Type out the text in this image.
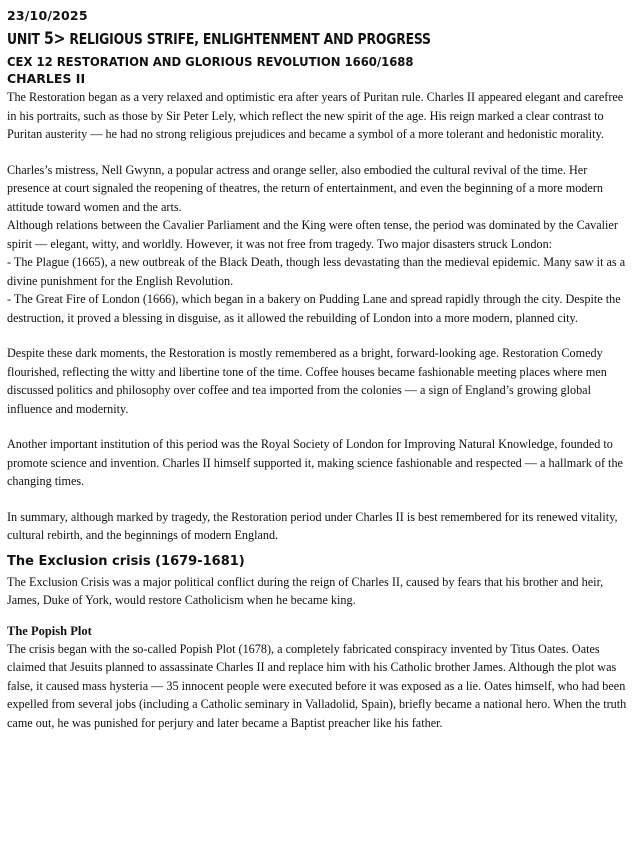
23/10/2025
UNIT 5> RELIGIOUS STRIFE, ENLIGHTENMENT AND PROGRESS
CEX 12 RESTORATION AND GLORIOUS REVOLUTION 1660/1688
CHARLES II

The Restoration began as a very relaxed and optimistic era after years of Puritan rule. Charles II appeared elegant and carefree in his portraits, such as those by Sir Peter Lely, which reflect the new spirit of the age. His reign marked a clear contrast to Puritan austerity — he had no strong religious prejudices and became a symbol of a more tolerant and hedonistic morality.

Charles’s mistress, Nell Gwynn, a popular actress and orange seller, also embodied the cultural revival of the time. Her presence at court signaled the reopening of theatres, the return of entertainment, and even the beginning of a more modern attitude toward women and the arts.

Although relations between the Cavalier Parliament and the King were often tense, the period was dominated by the Cavalier spirit — elegant, witty, and worldly. However, it was not free from tragedy. Two major disasters struck London:

- The Plague (1665), a new outbreak of the Black Death, though less devastating than the medieval epidemic. Many saw it as a divine punishment for the English Revolution.

- The Great Fire of London (1666), which began in a bakery on Pudding Lane and spread rapidly through the city. Despite the destruction, it proved a blessing in disguise, as it allowed the rebuilding of London into a more modern, planned city.

Despite these dark moments, the Restoration is mostly remembered as a bright, forward-looking age. Restoration Comedy flourished, reflecting the witty and libertine tone of the time. Coffee houses became fashionable meeting places where men discussed politics and philosophy over coffee and tea imported from the colonies — a sign of England’s growing global influence and modernity.

Another important institution of this period was the Royal Society of London for Improving Natural Knowledge, founded to promote science and invention. Charles II himself supported it, making science fashionable and respected — a hallmark of the changing times.

In summary, although marked by tragedy, the Restoration period under Charles II is best remembered for its renewed vitality, cultural rebirth, and the beginnings of modern England.

The Exclusion crisis (1679-1681)

The Exclusion Crisis was a major political conflict during the reign of Charles II, caused by fears that his brother and heir, James, Duke of York, would restore Catholicism when he became king.

The Popish Plot

The crisis began with the so-called Popish Plot (1678), a completely fabricated conspiracy invented by Titus Oates. Oates claimed that Jesuits planned to assassinate Charles II and replace him with his Catholic brother James. Although the plot was false, it caused mass hysteria — 35 innocent people were executed before it was exposed as a lie. Oates himself, who had been expelled from several jobs (including a Catholic seminary in Valladolid, Spain), briefly became a national hero. When the truth came out, he was punished for perjury and later became a Baptist preacher like his father.
